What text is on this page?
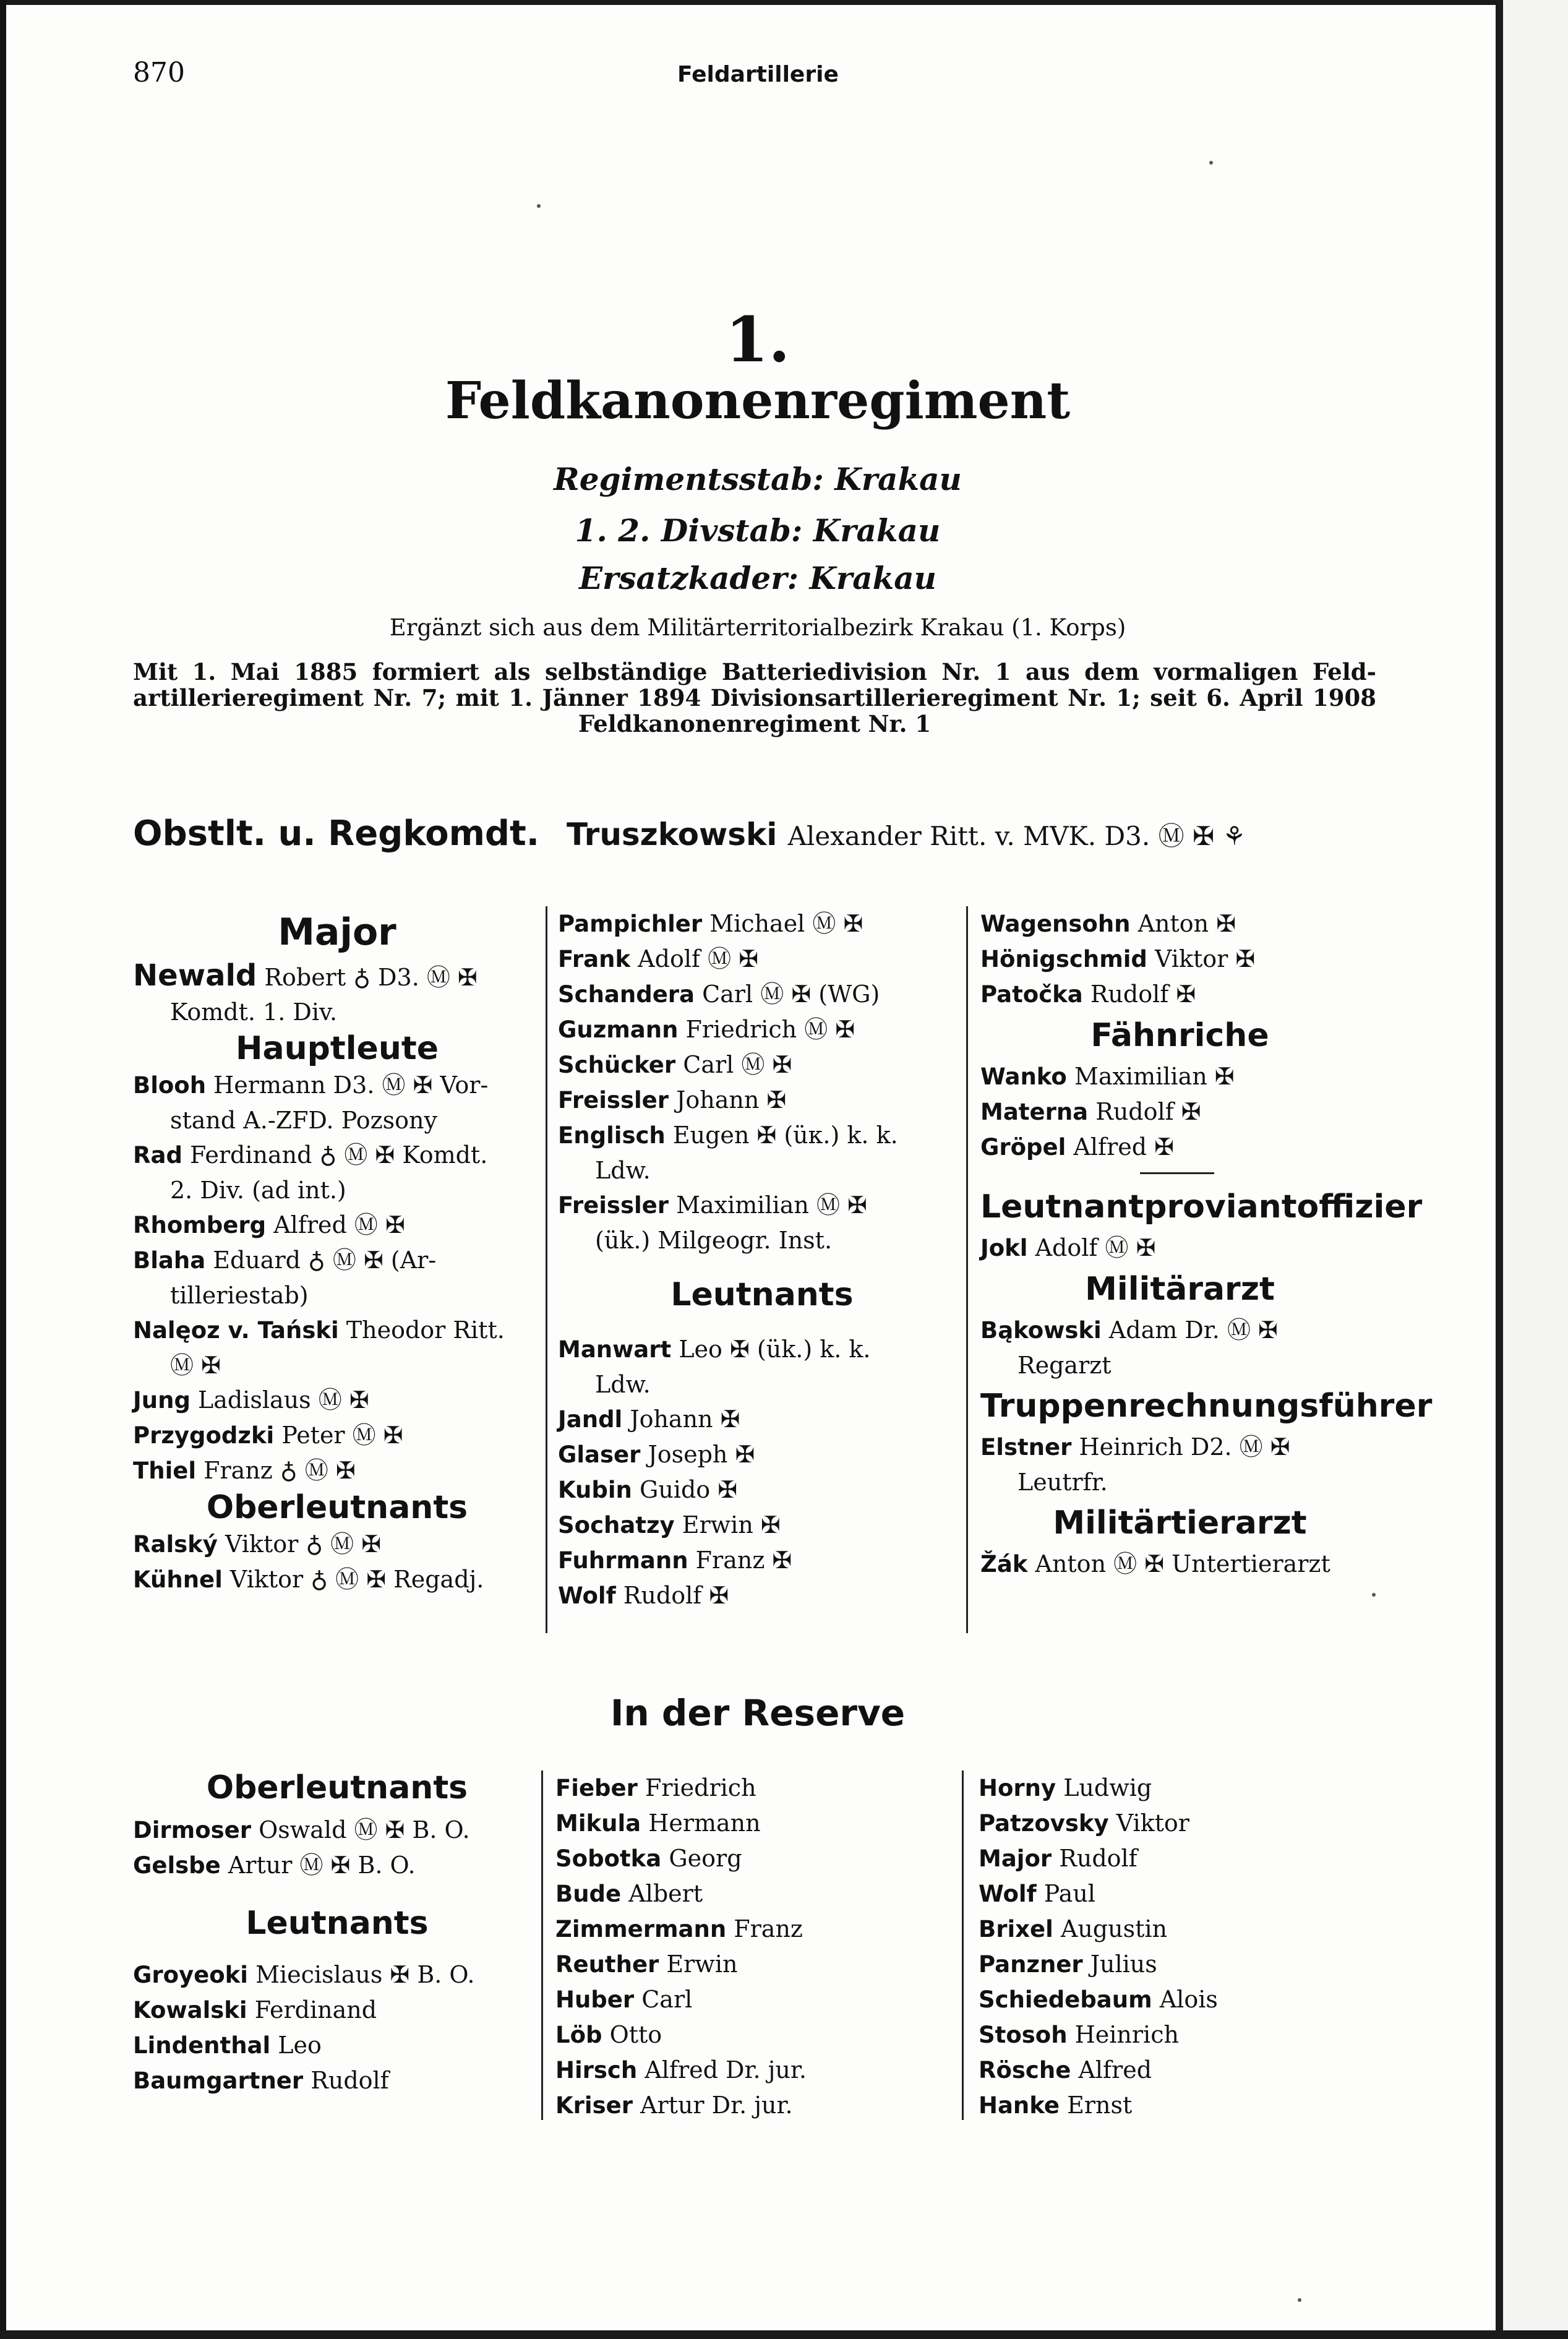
870	Feldartillerie
1.
Feldkanonenregiment
Regimentsstab: Krakau
1. 2. Divstab: Krakau
Ersatzkader: Krakau
Ergänzt sich aus dem Militärterritorialbezirk Krakau (1. Korps)
Mit 1. Mai 1885 formiert als selbständige Batteriedivision Nr. 1 aus dem vormaligen Feld-
artillerieregiment Nr. 7; mit 1. Jänner 1894 Divisionsartillerieregiment Nr. 1; seit 6. April 1908
Feldkanonenregiment Nr. 1
Obstlt. u. Regkomdt. Truszkowski Alexander Ritt. v. MVK. D3. Ⓜ ✠ ⚘
Major
Newald Robert ♁ D3. Ⓜ ✠
Komdt. 1. Div.
Hauptleute
Blooh Hermann D3. Ⓜ ✠ Vor-
stand A.-ZFD. Pozsony
Rad Ferdinand ♁ Ⓜ ✠ Komdt.
2. Div. (ad int.)
Rhomberg Alfred Ⓜ ✠
Blaha Eduard ♁ Ⓜ ✠ (Ar-
tilleriestab)
Nalęoz v. Tański Theodor Ritt.
Ⓜ ✠
Jung Ladislaus Ⓜ ✠
Przygodzki Peter Ⓜ ✠
Thiel Franz ♁ Ⓜ ✠
Oberleutnants
Ralský Viktor ♁ Ⓜ ✠
Kühnel Viktor ♁ Ⓜ ✠ Regadj.
Pampichler Michael Ⓜ ✠
Frank Adolf Ⓜ ✠
Schandera Carl Ⓜ ✠ (WG)
Guzmann Friedrich Ⓜ ✠
Schücker Carl Ⓜ ✠
Freissler Johann ✠
Englisch Eugen ✠ (üк.) k. k.
Ldw.
Freissler Maximilian Ⓜ ✠
(ük.) Milgeogr. Inst.
Leutnants
Manwart Leo ✠ (ük.) k. k.
Ldw.
Jandl Johann ✠
Glaser Joseph ✠
Kubin Guido ✠
Sochatzy Erwin ✠
Fuhrmann Franz ✠
Wolf Rudolf ✠
Wagensohn Anton ✠
Hönigschmid Viktor ✠
Patočka Rudolf ✠
Fähnriche
Wanko Maximilian ✠
Materna Rudolf ✠
Gröpel Alfred ✠
Leutnantproviantoffizier
Jokl Adolf Ⓜ ✠
Militärarzt
Bąkowski Adam Dr. Ⓜ ✠
Regarzt
Truppenrechnungsführer
Elstner Heinrich D2. Ⓜ ✠
Leutrfr.
Militärtierarzt
Žák Anton Ⓜ ✠ Untertierarzt
In der Reserve
Oberleutnants
Dirmoser Oswald Ⓜ ✠ B. O.
Gelsbe Artur Ⓜ ✠ B. O.
Leutnants
Groyeoki Miecislaus ✠ B. O.
Kowalski Ferdinand
Lindenthal Leo
Baumgartner Rudolf
Fieber Friedrich
Mikula Hermann
Sobotka Georg
Bude Albert
Zimmermann Franz
Reuther Erwin
Huber Carl
Löb Otto
Hirsch Alfred Dr. jur.
Kriser Artur Dr. jur.
Horny Ludwig
Patzovsky Viktor
Major Rudolf
Wolf Paul
Brixel Augustin
Panzner Julius
Schiedebaum Alois
Stosoh Heinrich
Rösche Alfred
Hanke Ernst
